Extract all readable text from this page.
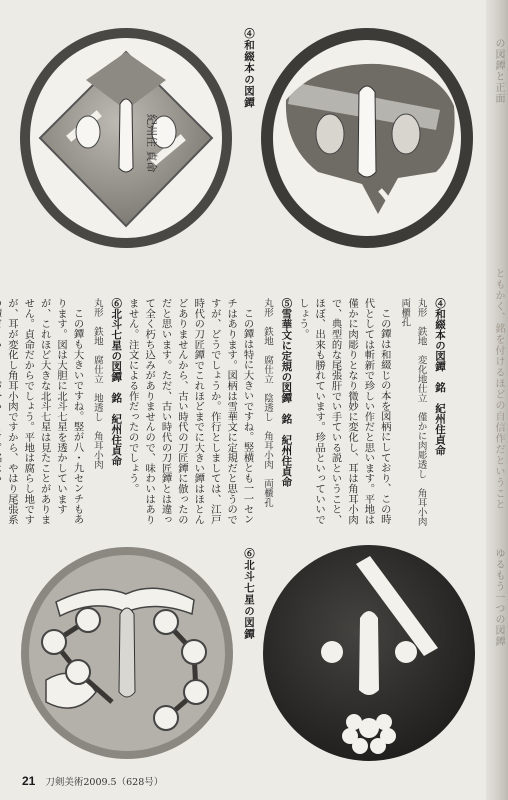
の図鐔と正面
ともかく、銘を付けるほどの自信作だということ
ゆるもう一つの図鐔
紀州住 貞命
④和綴本の図鐔
④和綴本の図鐔　銘　紀州住貞命
丸形　鉄地　変化地仕立　僅かに肉彫透し　角耳小肉　両櫃孔

この鐔は和綴じの本を図柄にしており、この時代としては斬新で珍しい作だと思います。平地は僅かに肉彫りとなり微妙に変化し、耳は角耳小肉で、典型的な尾張肝でい手ている説ということ、ほぼ、出来も勝れています。珍品といっていいでしょう。

⑤雪華文に定規の図鐔　銘　紀州住貞命
丸形　鉄地　腐仕立　陰透し　角耳小肉　両櫃孔

この鐔は特に大きいですね。竪横とも一一センチはあります。図柄は雪華文に定規だと思うのですが、どうでしょうか。作行としましては、江戸時代の刀匠鐔でこれほどまでに大きい鐔はほとんどありませんから、古い時代の刀匠鐔に倣ったのだと思います。ただ、古い時代の刀匠鐔とは違って全く朽ち込みがありませんので、味わいはありません。注文による作だったのでしょう。

⑥北斗七星の図鐔　銘　紀州住貞命
丸形　鉄地　腐仕立　地透し　角耳小肉

この鐔も大きいですね。竪が八・九センチもあります。図は大胆に北斗七星を透かしていますが、これほど大きな北斗七星は見たことがありません。貞命だからでしょう。平地は腐らし地ですが、耳が変化し角耳小肉ですから、やはり尾張系

⑥北斗七星の図鐔
21 刀剣美術2009.5（628号）
